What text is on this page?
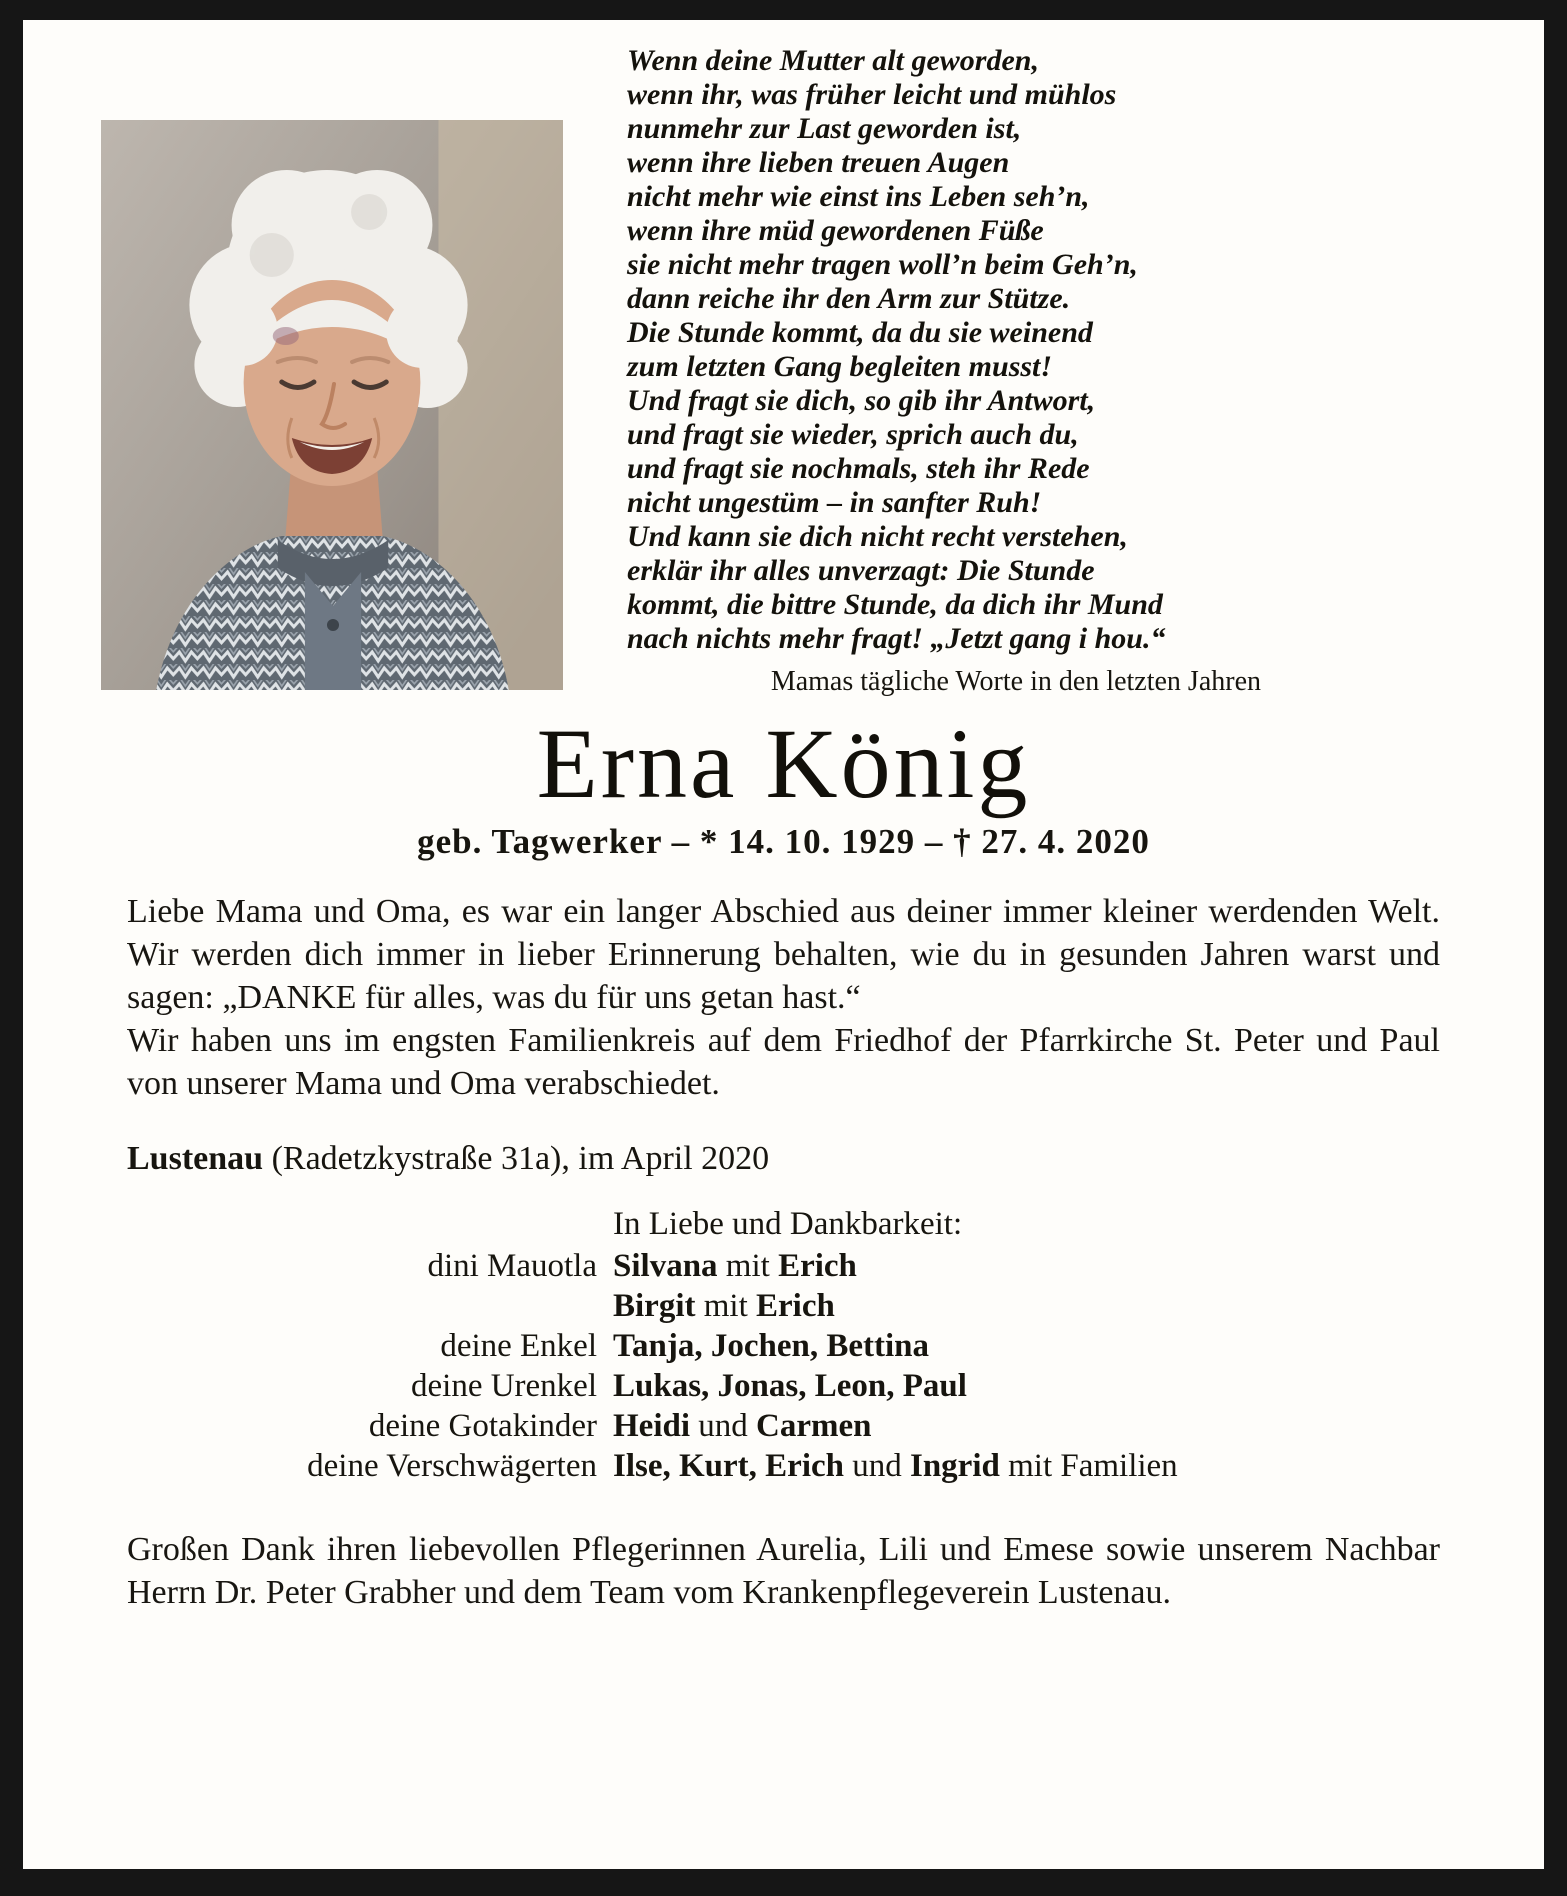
Wenn deine Mutter alt geworden,
wenn ihr, was früher leicht und mühlos
nunmehr zur Last geworden ist,
wenn ihre lieben treuen Augen
nicht mehr wie einst ins Leben seh’n,
wenn ihre müd gewordenen Füße
sie nicht mehr tragen woll’n beim Geh’n,
dann reiche ihr den Arm zur Stütze.
Die Stunde kommt, da du sie weinend
zum letzten Gang begleiten musst!
Und fragt sie dich, so gib ihr Antwort,
und fragt sie wieder, sprich auch du,
und fragt sie nochmals, steh ihr Rede
nicht ungestüm – in sanfter Ruh!
Und kann sie dich nicht recht verstehen,
erklär ihr alles unverzagt: Die Stunde
kommt, die bittre Stunde, da dich ihr Mund
nach nichts mehr fragt! „Jetzt gang i hou.“
Mamas tägliche Worte in den letzten Jahren
Erna König
geb. Tagwerker – * 14. 10. 1929 – † 27. 4. 2020

Liebe Mama und Oma, es war ein langer Abschied aus deiner immer kleiner werdenden Welt. Wir werden dich immer in lieber Erinnerung behalten, wie du in gesunden Jahren warst und sagen: „DANKE für alles, was du für uns getan hast.“

Wir haben uns im engsten Familienkreis auf dem Friedhof der Pfarrkirche St. Peter und Paul von unserer Mama und Oma verabschiedet.

Lustenau (Radetzkystraße 31a), im April 2020

In Liebe und Dankbarkeit:
dini Mauotla Silvana mit Erich
Birgit mit Erich
deine Enkel Tanja, Jochen, Bettina
deine Urenkel Lukas, Jonas, Leon, Paul
deine Gotakinder Heidi und Carmen
deine Verschwägerten Ilse, Kurt, Erich und Ingrid mit Familien

Großen Dank ihren liebevollen Pflegerinnen Aurelia, Lili und Emese sowie unserem Nachbar Herrn Dr. Peter Grabher und dem Team vom Krankenpflegeverein Lustenau.
